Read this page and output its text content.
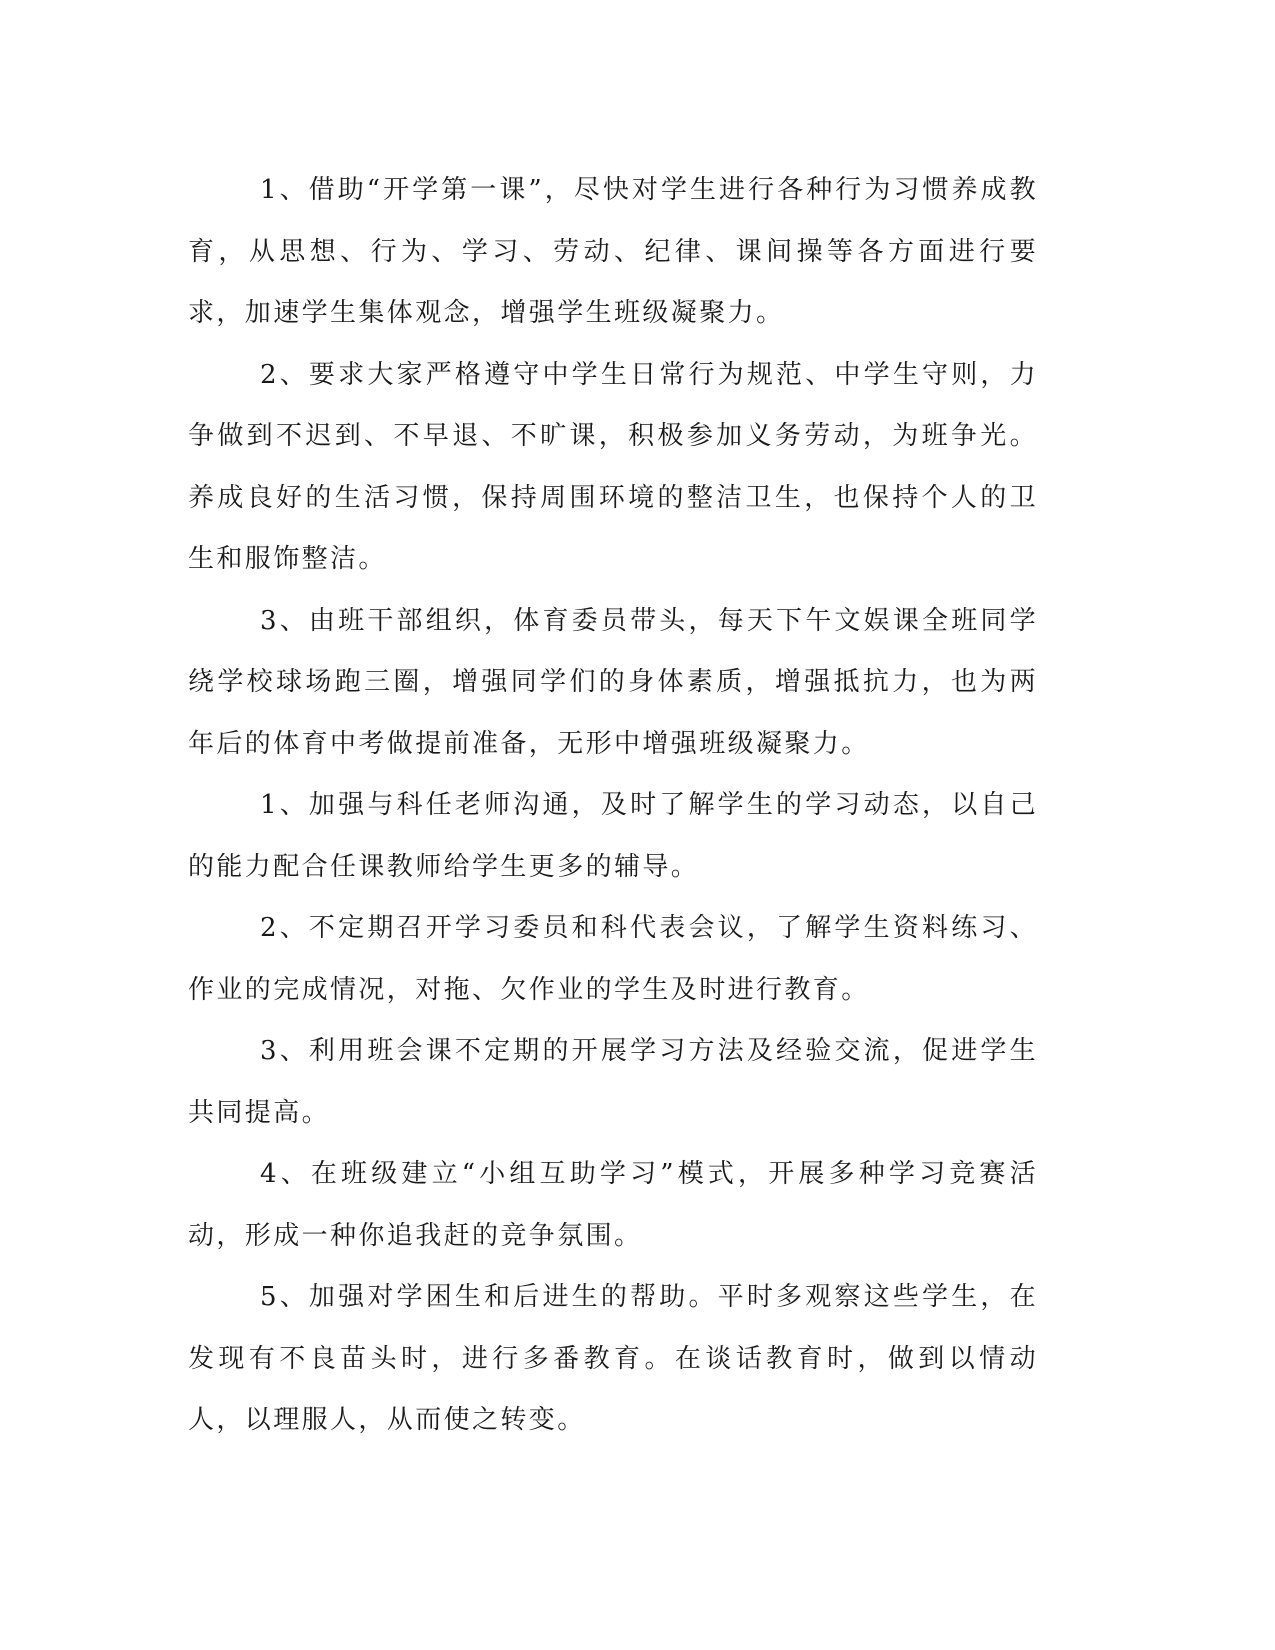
1、借助“开学第一课”，尽快对学生进行各种行为习惯养成教育，从思想、行为、学习、劳动、纪律、课间操等各方面进行要求，加速学生集体观念，增强学生班级凝聚力。

2、要求大家严格遵守中学生日常行为规范、中学生守则，力争做到不迟到、不早退、不旷课，积极参加义务劳动，为班争光。养成良好的生活习惯，保持周围环境的整洁卫生，也保持个人的卫生和服饰整洁。

3、由班干部组织，体育委员带头，每天下午文娱课全班同学绕学校球场跑三圈，增强同学们的身体素质，增强抵抗力，也为两年后的体育中考做提前准备，无形中增强班级凝聚力。

1、加强与科任老师沟通，及时了解学生的学习动态，以自己的能力配合任课教师给学生更多的辅导。

2、不定期召开学习委员和科代表会议，了解学生资料练习、作业的完成情况，对拖、欠作业的学生及时进行教育。

3、利用班会课不定期的开展学习方法及经验交流，促进学生共同提高。

4、在班级建立“小组互助学习”模式，开展多种学习竞赛活动，形成一种你追我赶的竞争氛围。

5、加强对学困生和后进生的帮助。平时多观察这些学生，在发现有不良苗头时，进行多番教育。在谈话教育时，做到以情动人，以理服人，从而使之转变。
